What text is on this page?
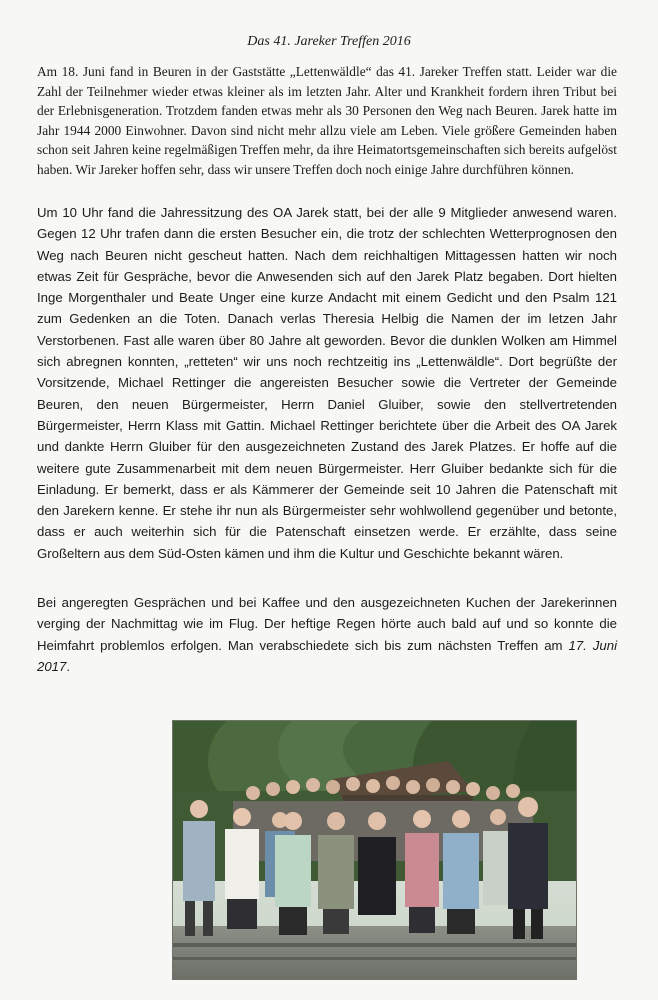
Das 41. Jareker Treffen 2016

Am 18. Juni fand in Beuren in der Gaststätte „Lettenwäldle“ das 41. Jareker Treffen statt. Leider war die Zahl der Teilnehmer wieder etwas kleiner als im letzten Jahr. Alter und Krankheit fordern ihren Tribut bei der Erlebnisgeneration. Trotzdem fanden etwas mehr als 30 Personen den Weg nach Beuren. Jarek hatte im Jahr 1944 2000 Einwohner. Davon sind nicht mehr allzu viele am Leben. Viele größere Gemeinden haben schon seit Jahren keine regelmäßigen Treffen mehr, da ihre Heimatortsgemeinschaften sich bereits aufgelöst haben. Wir Jareker hoffen sehr, dass wir unsere Treffen doch noch einige Jahre durchführen können.

Um 10 Uhr fand die Jahressitzung des OA Jarek statt, bei der alle 9 Mitglieder anwesend waren. Gegen 12 Uhr trafen dann die ersten Besucher ein, die trotz der schlechten Wetterprognosen den Weg nach Beuren nicht gescheut hatten. Nach dem reichhaltigen Mittagessen hatten wir noch etwas Zeit für Gespräche, bevor die Anwesenden sich auf den Jarek Platz begaben. Dort hielten Inge Morgenthaler und Beate Unger eine kurze Andacht mit einem Gedicht und den Psalm 121 zum Gedenken an die Toten. Danach verlas Theresia Helbig die Namen der im letzen Jahr Verstorbenen. Fast alle waren über 80 Jahre alt geworden. Bevor die dunklen Wolken am Himmel sich abregnen konnten, „retteten“ wir uns noch rechtzeitig ins „Lettenwäldle“. Dort begrüßte der Vorsitzende, Michael Rettinger die angereisten Besucher sowie die Vertreter der Gemeinde Beuren, den neuen Bürgermeister, Herrn Daniel Gluiber, sowie den stellvertretenden Bürgermeister, Herrn Klass mit Gattin. Michael Rettinger berichtete über die Arbeit des OA Jarek und dankte Herrn Gluiber für den ausgezeichneten Zustand des Jarek Platzes. Er hoffe auf die weitere gute Zusammenarbeit mit dem neuen Bürgermeister. Herr Gluiber bedankte sich für die Einladung. Er bemerkt, dass er als Kämmerer der Gemeinde seit 10 Jahren die Patenschaft mit den Jarekern kenne. Er stehe ihr nun als Bürgermeister sehr wohlwollend gegenüber und betonte, dass er auch weiterhin sich für die Patenschaft einsetzen werde. Er erzählte, dass seine Großeltern aus dem Süd-Osten kämen und ihm die Kultur und Geschichte bekannt wären.

Bei angeregten Gesprächen und bei Kaffee und den ausgezeichneten Kuchen der Jarekerinnen verging der Nachmittag wie im Flug. Der heftige Regen hörte auch bald auf und so konnte die Heimfahrt problemlos erfolgen. Man verabschiedete sich bis zum nächsten Treffen am 17. Juni 2017.
